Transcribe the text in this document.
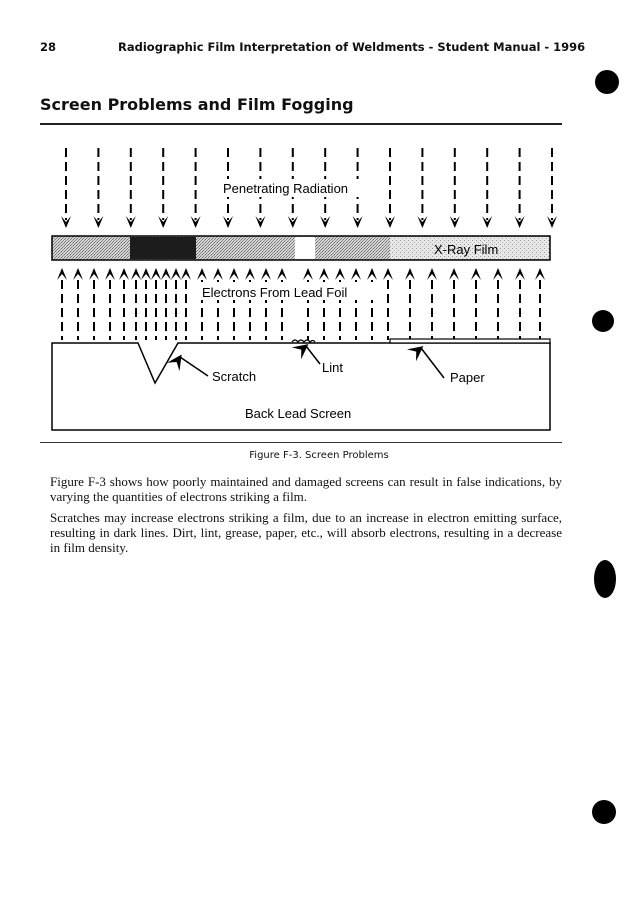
28	Radiographic Film Interpretation of Weldments - Student Manual - 1996
Screen Problems and Film Fogging
Penetrating Radiation
X-Ray Film
Electrons From Lead Foil
Scratch
Lint
Paper
Back Lead Screen
Figure F-3. Screen Problems

Figure F-3 shows how poorly maintained and damaged screens can result in false indications, by varying the quantities of electrons striking a film.

Scratches may increase electrons striking a film, due to an increase in electron emitting surface, resulting in dark lines. Dirt, lint, grease, paper, etc., will absorb electrons, resulting in a decrease in film density.
